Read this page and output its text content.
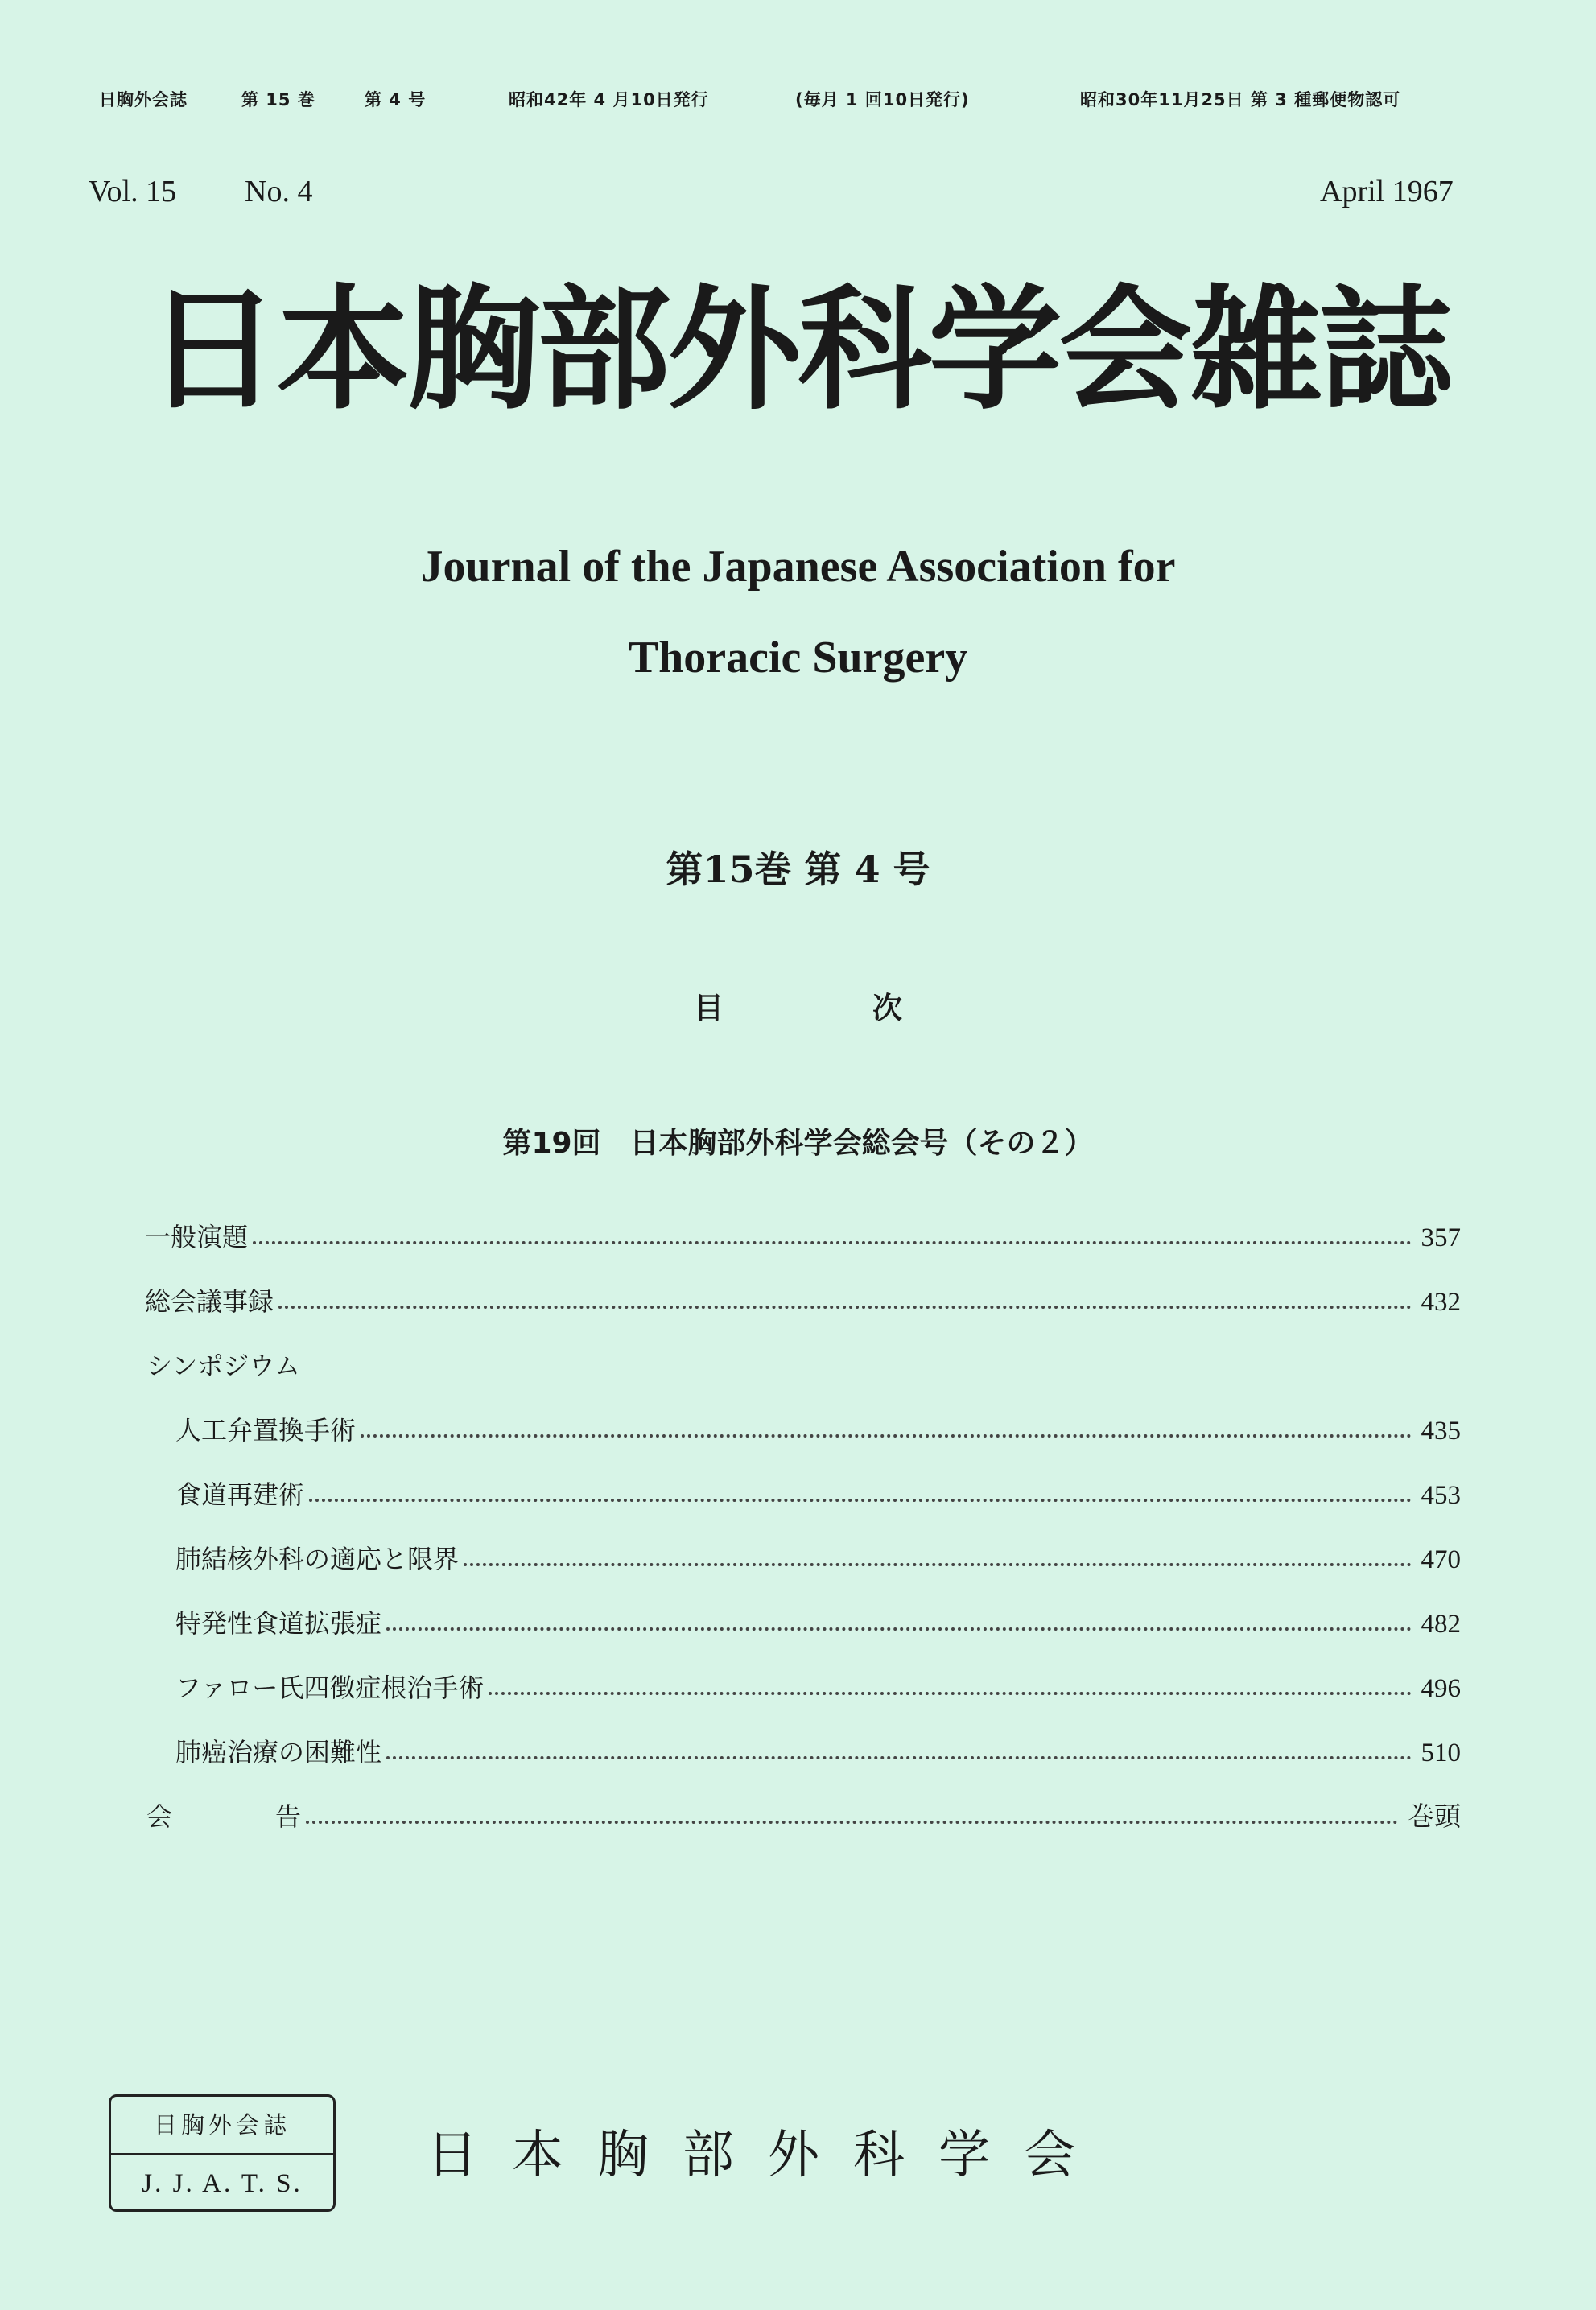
日胸外会誌	第 15 巻	第 4 号	昭和42年 4 月10日発行	(毎月 1 回10日発行)	昭和30年11月25日 第 3 種郵便物認可
Vol. 15 No. 4	April 1967
日本胸部外科学会雑誌
Journal of the Japanese Association for
Thoracic Surgery
第15巻 第 4 号
目	次
第19回　日本胸部外科学会総会号（その２）
一般演題	357
総会議事録	432
シンポジウム
人工弁置換手術	435
食道再建術	453
肺結核外科の適応と限界	470
特発性食道拡張症	482
ファロー氏四徴症根治手術	496
肺癌治療の困難性	510
会　　　　告	巻頭
日胸外会誌
J. J. A. T. S.	日本胸部外科学会
